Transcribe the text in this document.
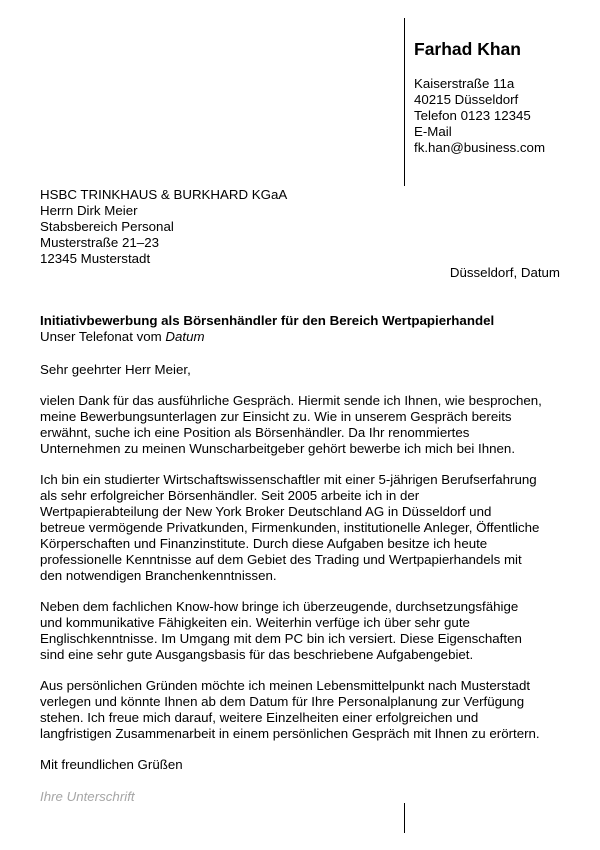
Farhad Khan
Kaiserstraße 11a
40215 Düsseldorf
Telefon 0123 12345
E-Mail
fk.han@business.com
HSBC TRINKHAUS & BURKHARD KGaA
Herrn Dirk Meier
Stabsbereich Personal
Musterstraße 21–23
12345 Musterstadt
Düsseldorf, Datum
Initiativbewerbung als Börsenhändler für den Bereich Wertpapierhandel
Unser Telefonat vom Datum
Sehr geehrter Herr Meier,

vielen Dank für das ausführliche Gespräch. Hiermit sende ich Ihnen, wie besprochen,
meine Bewerbungsunterlagen zur Einsicht zu. Wie in unserem Gespräch bereits
erwähnt, suche ich eine Position als Börsenhändler. Da Ihr renommiertes
Unternehmen zu meinen Wunscharbeitgeber gehört bewerbe ich mich bei Ihnen.

Ich bin ein studierter Wirtschaftswissenschaftler mit einer 5-jährigen Berufserfahrung
als sehr erfolgreicher Börsenhändler. Seit 2005 arbeite ich in der
Wertpapierabteilung der New York Broker Deutschland AG in Düsseldorf und
betreue vermögende Privatkunden, Firmenkunden, institutionelle Anleger, Öffentliche
Körperschaften und Finanzinstitute. Durch diese Aufgaben besitze ich heute
professionelle Kenntnisse auf dem Gebiet des Trading und Wertpapierhandels mit
den notwendigen Branchenkenntnissen.

Neben dem fachlichen Know-how bringe ich überzeugende, durchsetzungsfähige
und kommunikative Fähigkeiten ein. Weiterhin verfüge ich über sehr gute
Englischkenntnisse. Im Umgang mit dem PC bin ich versiert. Diese Eigenschaften
sind eine sehr gute Ausgangsbasis für das beschriebene Aufgabengebiet.

Aus persönlichen Gründen möchte ich meinen Lebensmittelpunkt nach Musterstadt
verlegen und könnte Ihnen ab dem Datum für Ihre Personalplanung zur Verfügung
stehen. Ich freue mich darauf, weitere Einzelheiten einer erfolgreichen und
langfristigen Zusammenarbeit in einem persönlichen Gespräch mit Ihnen zu erörtern.

Mit freundlichen Grüßen
Ihre Unterschrift
